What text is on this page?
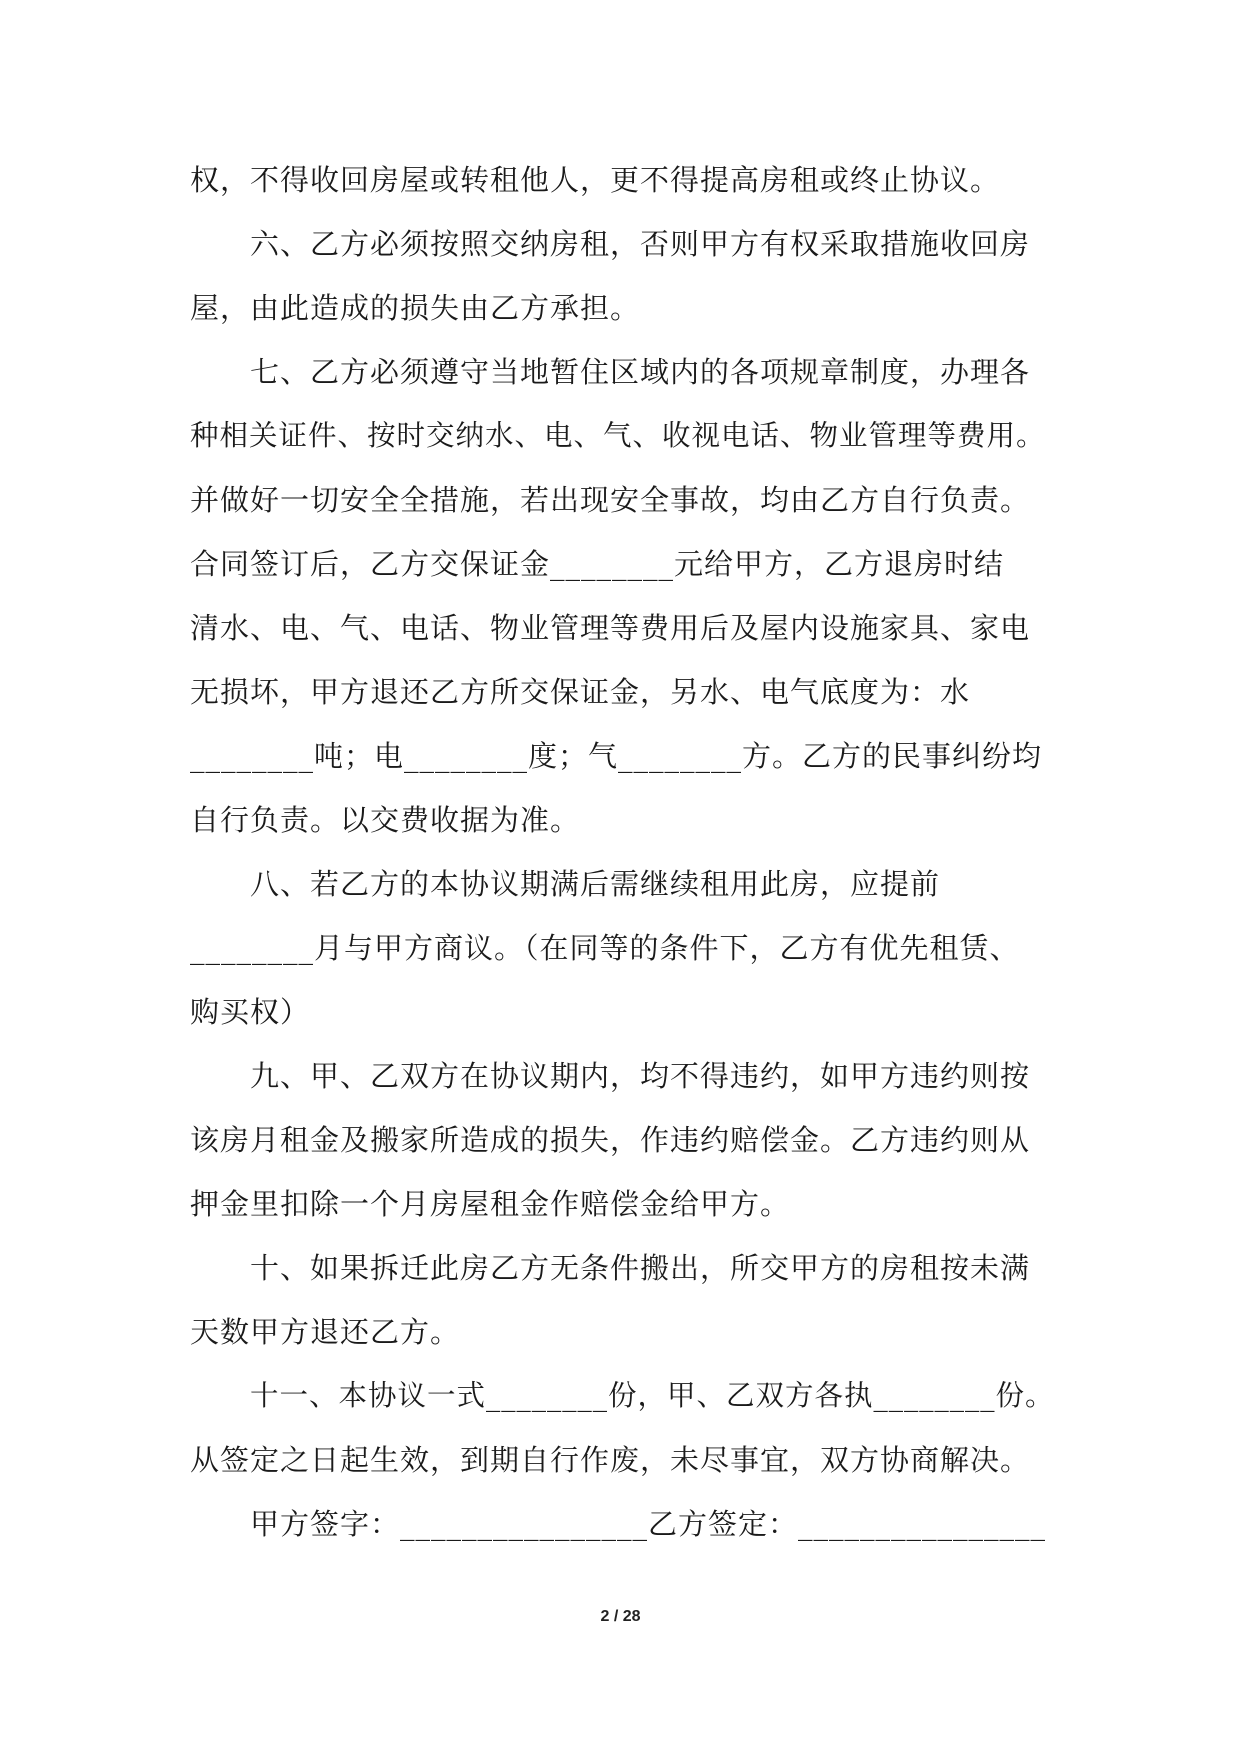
权，不得收回房屋或转租他人，更不得提高房租或终止协议。
六、乙方必须按照交纳房租，否则甲方有权采取措施收回房
屋，由此造成的损失由乙方承担。
七、乙方必须遵守当地暂住区域内的各项规章制度，办理各
种相关证件、按时交纳水、电、气、收视电话、物业管理等费用。
并做好一切安全全措施，若出现安全事故，均由乙方自行负责。
合同签订后，乙方交保证金________元给甲方，乙方退房时结
清水、电、气、电话、物业管理等费用后及屋内设施家具、家电
无损坏，甲方退还乙方所交保证金，另水、电气底度为：水
________吨；电________度；气________方。乙方的民事纠纷均
自行负责。以交费收据为准。
八、若乙方的本协议期满后需继续租用此房，应提前
________月与甲方商议。（在同等的条件下，乙方有优先租赁、
购买权）
九、甲、乙双方在协议期内，均不得违约，如甲方违约则按
该房月租金及搬家所造成的损失，作违约赔偿金。乙方违约则从
押金里扣除一个月房屋租金作赔偿金给甲方。
十、如果拆迁此房乙方无条件搬出，所交甲方的房租按未满
天数甲方退还乙方。
十一、本协议一式________份，甲、乙双方各执________份。
从签定之日起生效，到期自行作废，未尽事宜，双方协商解决。
甲方签字：________________乙方签定：________________
2 / 28
